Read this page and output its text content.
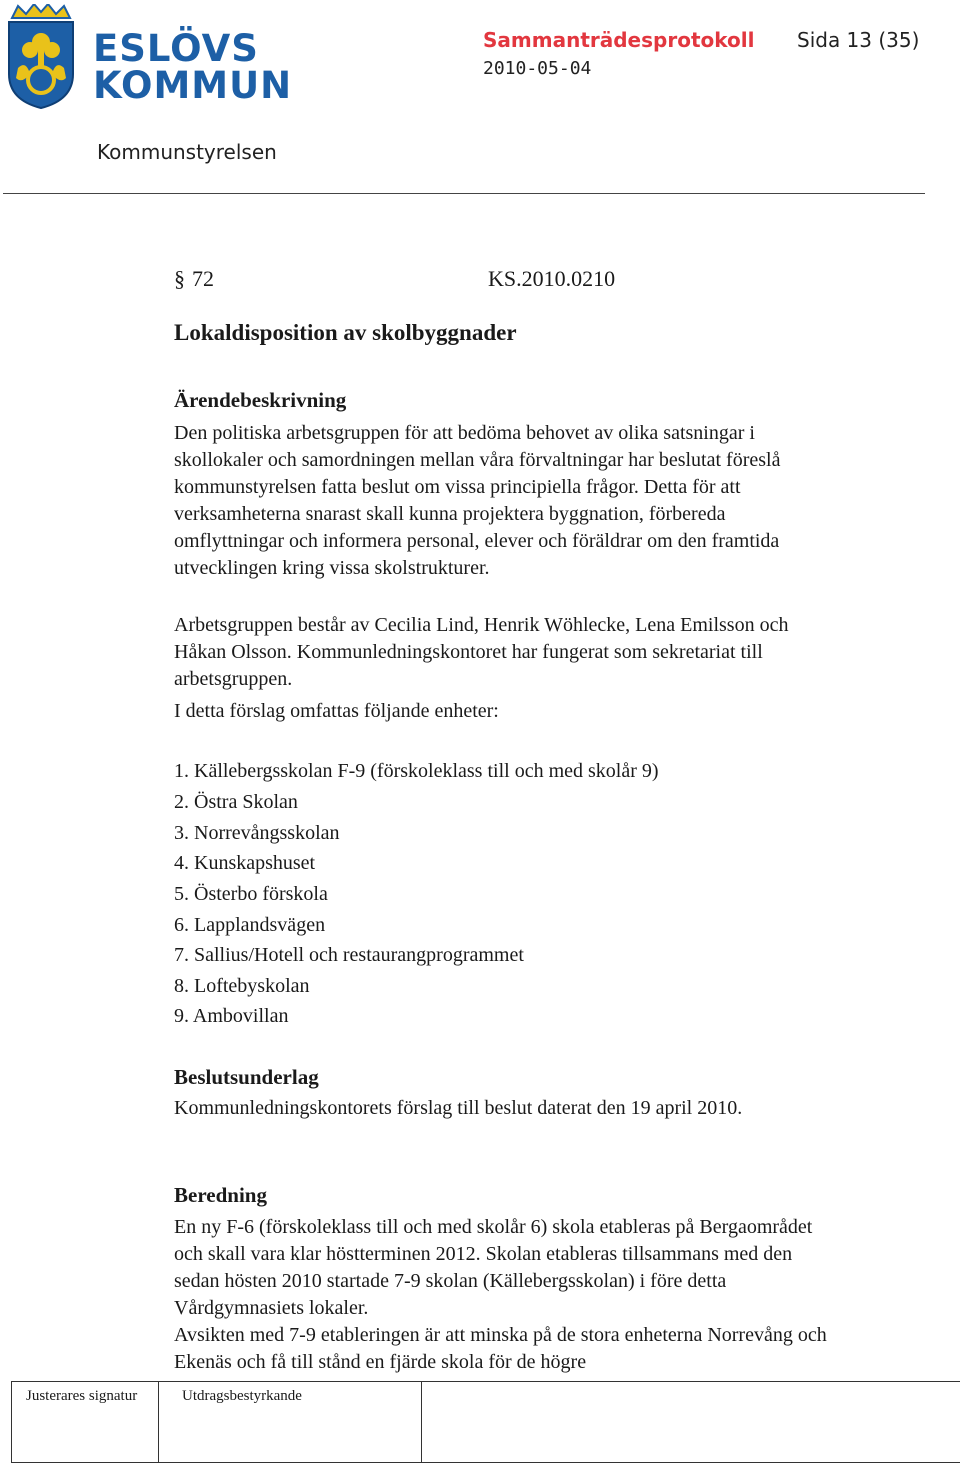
ESLÖVS
KOMMUN
Sammanträdesprotokoll Sida 13 (35)
2010-05-04
Kommunstyrelsen
§ 72	KS.2010.0210
Lokaldisposition av skolbyggnader
Ärendebeskrivning
Den politiska arbetsgruppen för att bedöma behovet av olika satsningar i skollokaler och samordningen mellan våra förvaltningar har beslutat föreslå kommunstyrelsen fatta beslut om vissa principiella frågor. Detta för att verksamheterna snarast skall kunna projektera byggnation, förbereda omflyttningar och informera personal, elever och föräldrar om den framtida utvecklingen kring vissa skolstrukturer.
Arbetsgruppen består av Cecilia Lind, Henrik Wöhlecke, Lena Emilsson och Håkan Olsson. Kommunledningskontoret har fungerat som sekretariat till arbetsgruppen.
I detta förslag omfattas följande enheter:
1. Källebergsskolan F-9 (förskoleklass till och med skolår 9)
2. Östra Skolan
3. Norrevångsskolan
4. Kunskapshuset
5. Österbo förskola
6. Lapplandsvägen
7. Sallius/Hotell och restaurangprogrammet
8. Loftebyskolan
9. Ambovillan
Beslutsunderlag
Kommunledningskontorets förslag till beslut daterat den 19 april 2010.
Beredning
En ny F-6 (förskoleklass till och med skolår 6) skola etableras på Bergaområdet och skall vara klar höstterminen 2012. Skolan etableras tillsammans med den sedan hösten 2010 startade 7-9 skolan (Källebergsskolan) i före detta Vårdgymnasiets lokaler.
Avsikten med 7-9 etableringen är att minska på de stora enheterna Norrevång och Ekenäs och få till stånd en fjärde skola för de högre
Justerares signatur	Utdragsbestyrkande
